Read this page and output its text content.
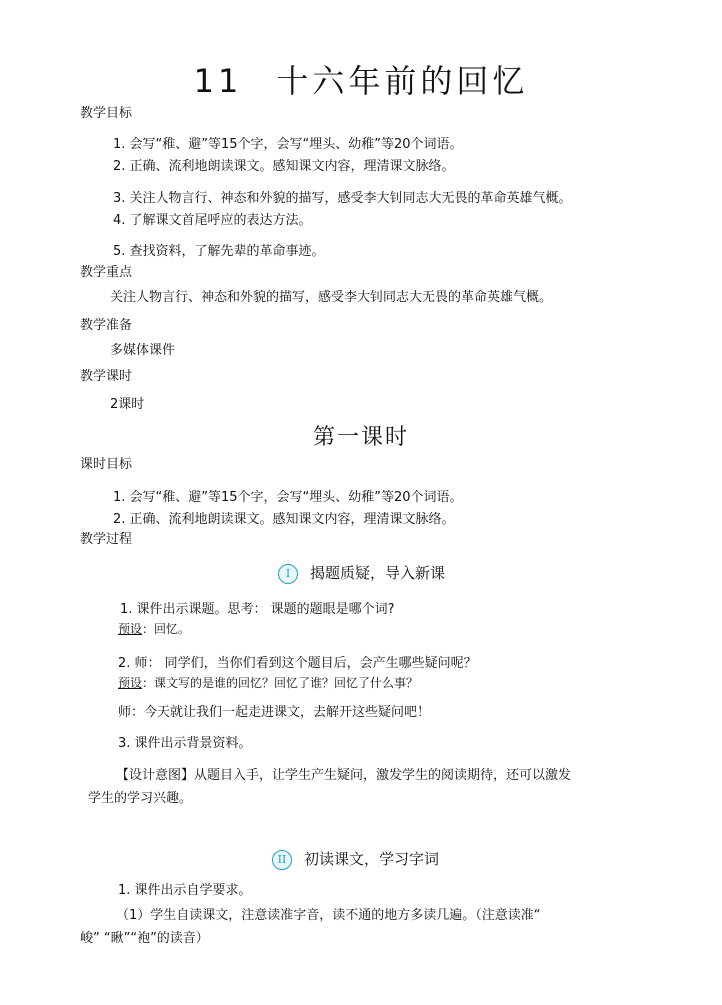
11 十六年前的回忆
教学目标
1. 会写“稚、避”等15个字，会写“埋头、幼稚”等20个词语。
2. 正确、流利地朗读课文。感知课文内容，理清课文脉络。
3. 关注人物言行、神态和外貌的描写，感受李大钊同志大无畏的革命英雄气概。
4. 了解课文首尾呼应的表达方法。
5. 查找资料，了解先辈的革命事迹。
教学重点
关注人物言行、神态和外貌的描写，感受李大钊同志大无畏的革命英雄气概。
教学准备
多媒体课件
教学课时
2课时
第一课时
课时目标
1. 会写“稚、避”等15个字，会写“埋头、幼稚”等20个词语。
2. 正确、流利地朗读课文。感知课文内容，理清课文脉络。
教学过程
I 揭题质疑，导入新课
1. 课件出示课题。思考： 课题的题眼是哪个词?
预设：回忆。
2. 师： 同学们，当你们看到这个题目后，会产生哪些疑问呢？
预设：课文写的是谁的回忆？回忆了谁？回忆了什么事？
师：今天就让我们一起走进课文，去解开这些疑问吧！
3. 课件出示背景资料。
【设计意图】从题目入手，让学生产生疑问，激发学生的阅读期待，还可以激发
学生的学习兴趣。
II 初读课文，学习字词
1. 课件出示自学要求。
（1）学生自读课文，注意读准字音，读不通的地方多读几遍。（注意读准“
峻” “瞅”“袍”的读音）
